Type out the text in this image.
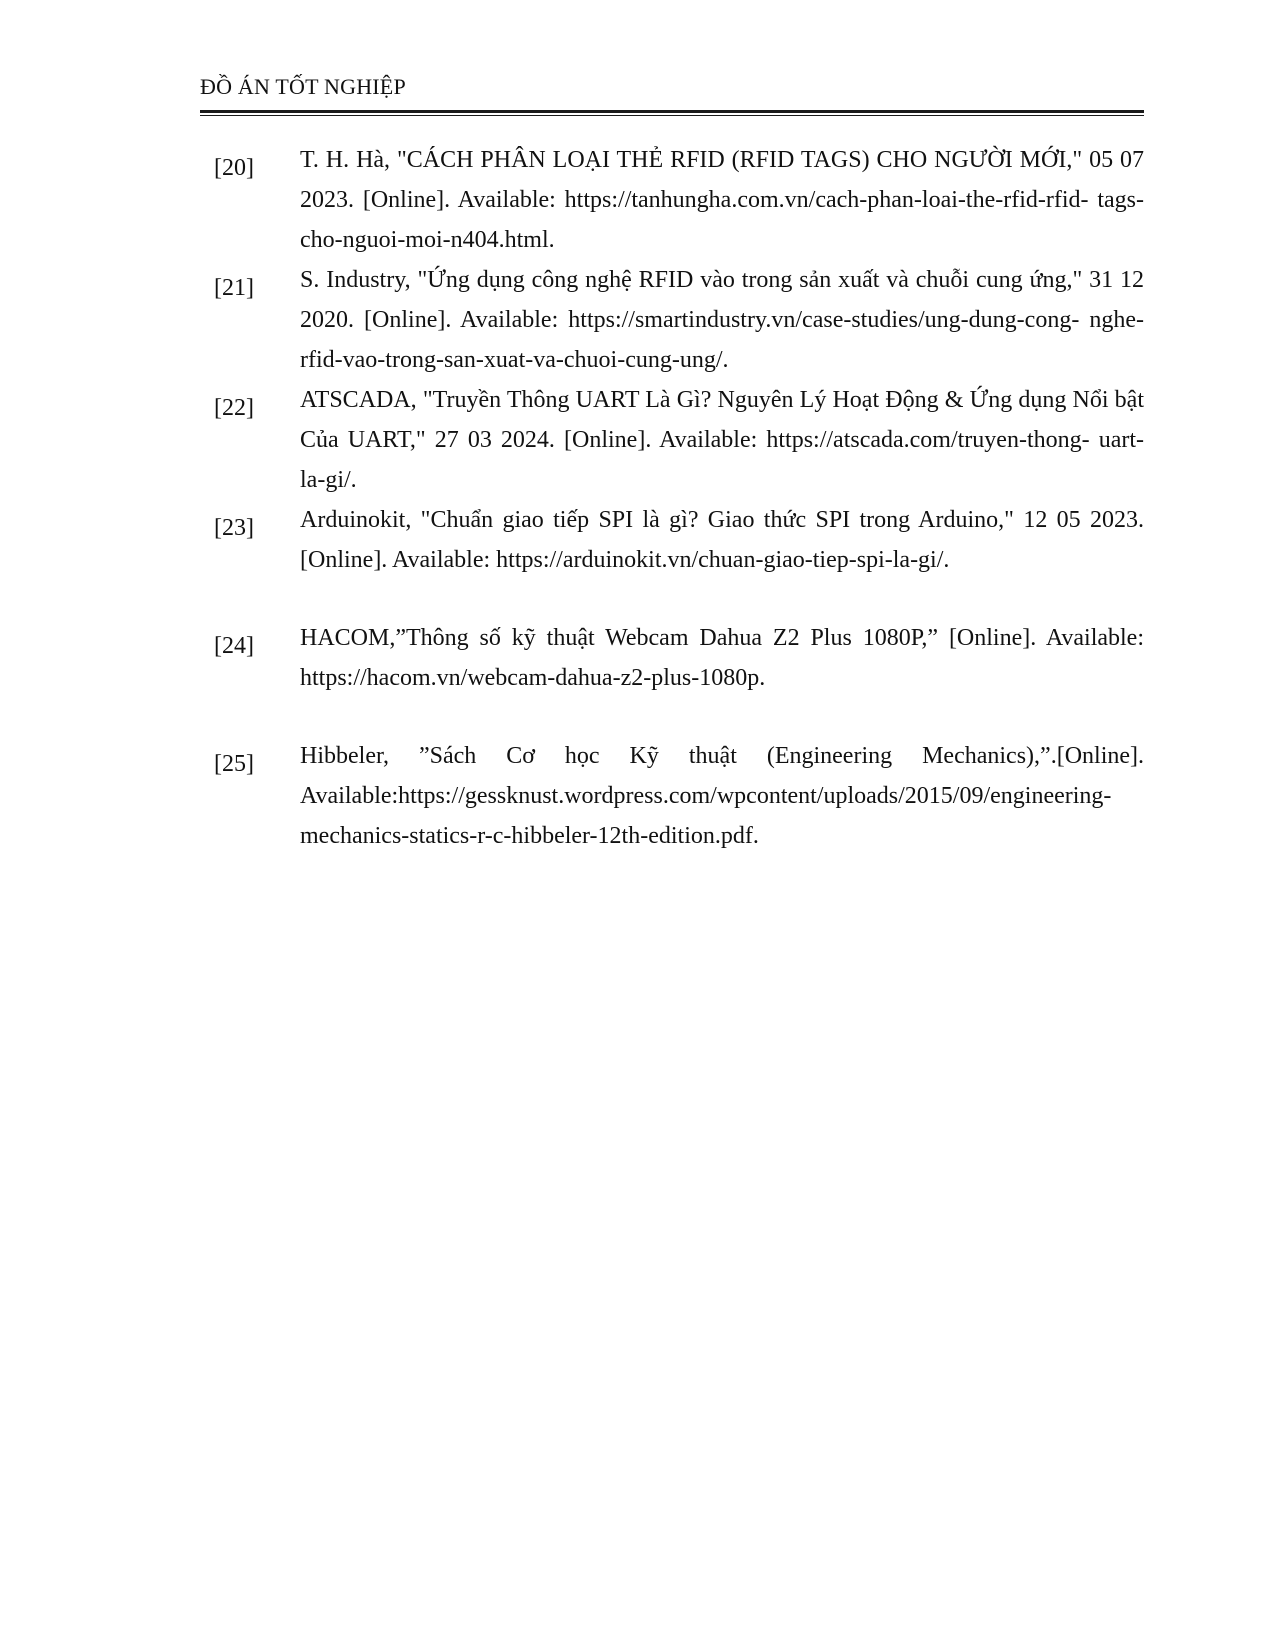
ĐỒ ÁN TỐT NGHIỆP
[20]	T. H. Hà, "CÁCH PHÂN LOẠI THẺ RFID (RFID TAGS) CHO NGƯỜI MỚI," 05 07 2023. [Online]. Available: https://tanhungha.com.vn/cach-phan-loai-the-rfid-rfid- tags-cho-nguoi-moi-n404.html.
[21]	S. Industry, "Ứng dụng công nghệ RFID vào trong sản xuất và chuỗi cung ứng," 31 12 2020. [Online]. Available: https://smartindustry.vn/case-studies/ung-dung-cong- nghe-rfid-vao-trong-san-xuat-va-chuoi-cung-ung/.
[22]	ATSCADA, "Truyền Thông UART Là Gì? Nguyên Lý Hoạt Động & Ứng dụng Nổi bật Của UART," 27 03 2024. [Online]. Available: https://atscada.com/truyen-thong- uart-la-gi/.
[23]	Arduinokit, "Chuẩn giao tiếp SPI là gì? Giao thức SPI trong Arduino," 12 05 2023. [Online]. Available: https://arduinokit.vn/chuan-giao-tiep-spi-la-gi/.
[24]	HACOM,”Thông số kỹ thuật Webcam Dahua Z2 Plus 1080P,” [Online]. Available: https://hacom.vn/webcam-dahua-z2-plus-1080p.
[25]	Hibbeler, ”Sách Cơ học Kỹ thuật (Engineering Mechanics),”.[Online]. Available:https://gessknust.wordpress.com/wpcontent/uploads/2015/09/engineering-mechanics-statics-r-c-hibbeler-12th-edition.pdf.
